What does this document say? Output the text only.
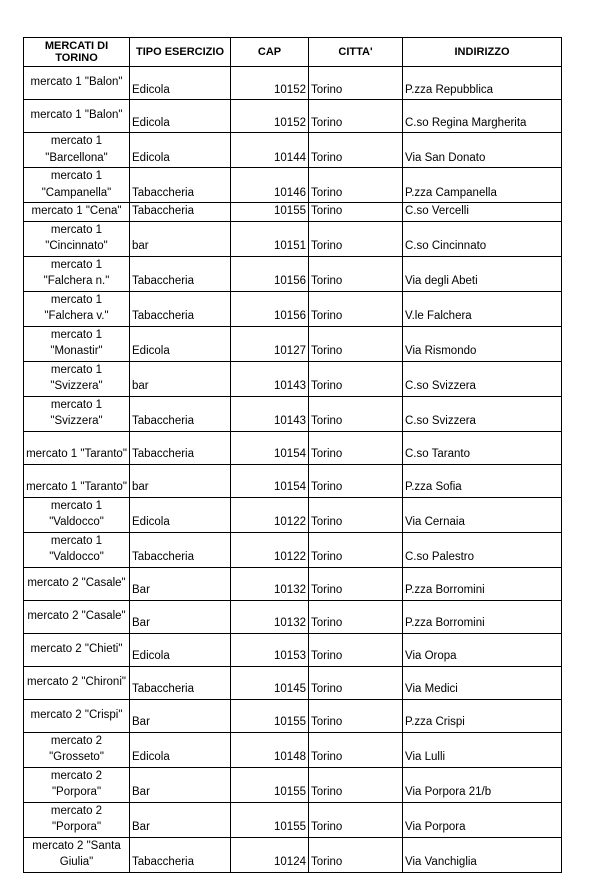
MERCATI DI TORINO	TIPO ESERCIZIO	CAP	CITTA'	INDIRIZZO
mercato 1 "Balon"	Edicola	10152	Torino	P.zza Repubblica
mercato 1 "Balon"	Edicola	10152	Torino	C.so Regina Margherita
mercato 1 "Barcellona"	Edicola	10144	Torino	Via San Donato
mercato 1 "Campanella"	Tabaccheria	10146	Torino	P.zza Campanella
mercato 1 "Cena"	Tabaccheria	10155	Torino	C.so Vercelli
mercato 1 "Cincinnato"	bar	10151	Torino	C.so Cincinnato
mercato 1 "Falchera n."	Tabaccheria	10156	Torino	Via degli Abeti
mercato 1 "Falchera v."	Tabaccheria	10156	Torino	V.le Falchera
mercato 1 "Monastir"	Edicola	10127	Torino	Via Rismondo
mercato 1 "Svizzera"	bar	10143	Torino	C.so Svizzera
mercato 1 "Svizzera"	Tabaccheria	10143	Torino	C.so Svizzera
mercato 1 "Taranto"	Tabaccheria	10154	Torino	C.so Taranto
mercato 1 "Taranto"	bar	10154	Torino	P.zza Sofia
mercato 1 "Valdocco"	Edicola	10122	Torino	Via Cernaia
mercato 1 "Valdocco"	Tabaccheria	10122	Torino	C.so Palestro
mercato 2 "Casale"	Bar	10132	Torino	P.zza Borromini
mercato 2 "Casale"	Bar	10132	Torino	P.zza Borromini
mercato 2 "Chieti"	Edicola	10153	Torino	Via Oropa
mercato 2 "Chironi"	Tabaccheria	10145	Torino	Via Medici
mercato 2 "Crispi"	Bar	10155	Torino	P.zza Crispi
mercato 2 "Grosseto"	Edicola	10148	Torino	Via Lulli
mercato 2 "Porpora"	Bar	10155	Torino	Via Porpora 21/b
mercato 2 "Porpora"	Bar	10155	Torino	Via Porpora
mercato 2 "Santa Giulia"	Tabaccheria	10124	Torino	Via Vanchiglia
